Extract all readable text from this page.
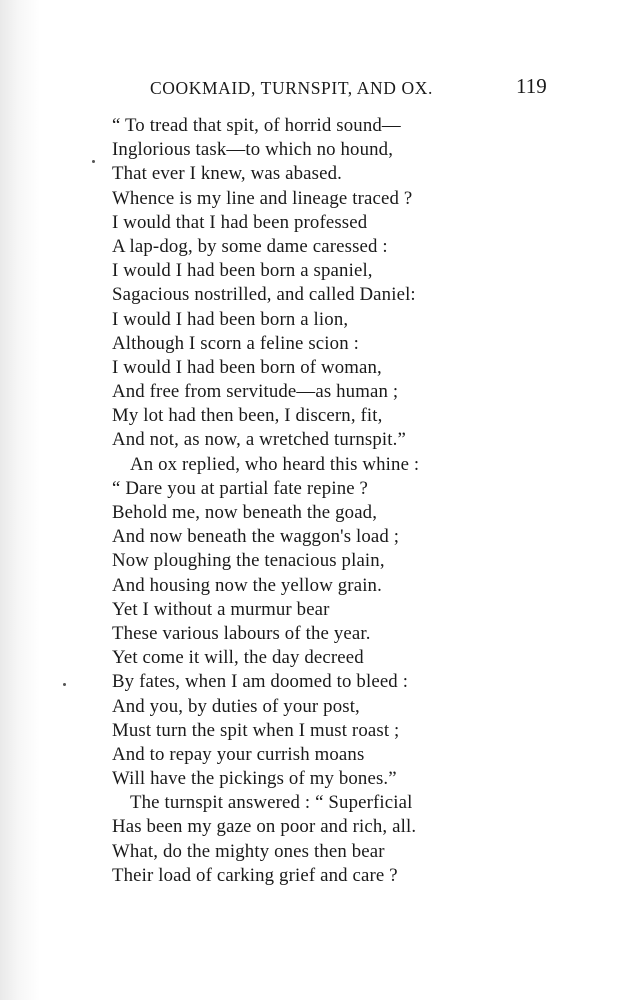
COOKMAID, TURNSPIT, AND OX.	119
“ To tread that spit, of horrid sound—
Inglorious task—to which no hound,
That ever I knew, was abased.
Whence is my line and lineage traced ?
I would that I had been professed
A lap-dog, by some dame caressed :
I would I had been born a spaniel,
Sagacious nostrilled, and called Daniel:
I would I had been born a lion,
Although I scorn a feline scion :
I would I had been born of woman,
And free from servitude—as human ;
My lot had then been, I discern, fit,
And not, as now, a wretched turnspit.”
An ox replied, who heard this whine :
“ Dare you at partial fate repine ?
Behold me, now beneath the goad,
And now beneath the waggon's load ;
Now ploughing the tenacious plain,
And housing now the yellow grain.
Yet I without a murmur bear
These various labours of the year.
Yet come it will, the day decreed
By fates, when I am doomed to bleed :
And you, by duties of your post,
Must turn the spit when I must roast ;
And to repay your currish moans
Will have the pickings of my bones.”
The turnspit answered : “ Superficial
Has been my gaze on poor and rich, all.
What, do the mighty ones then bear
Their load of carking grief and care ?
